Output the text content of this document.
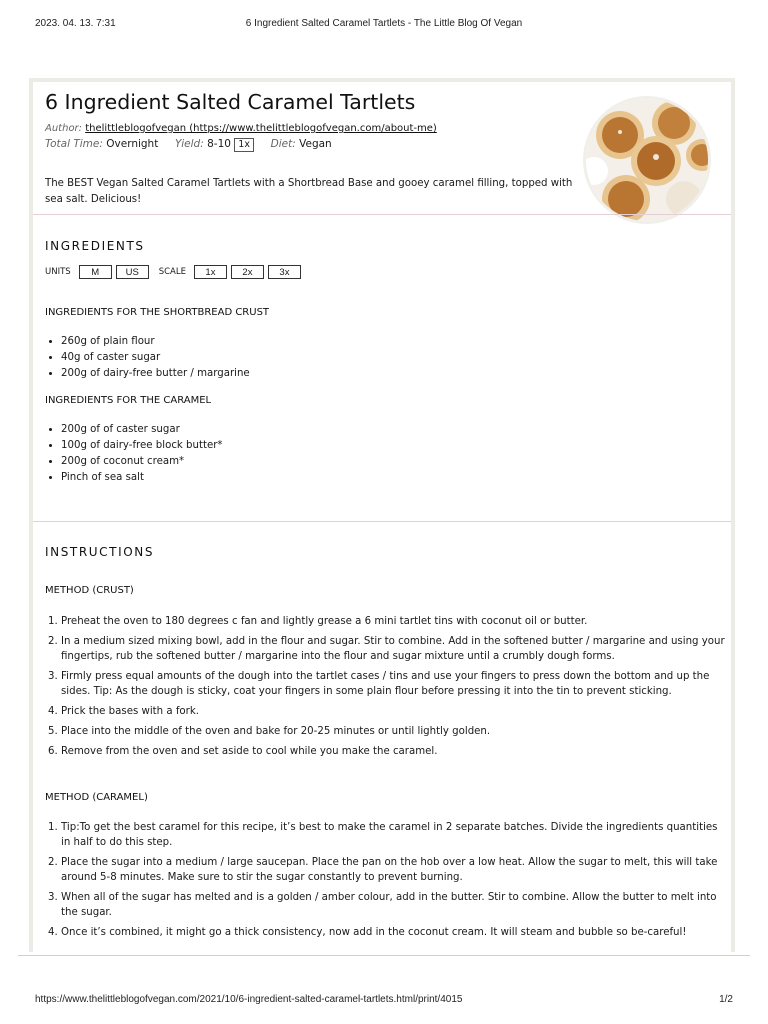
2023. 04. 13. 7:31	6 Ingredient Salted Caramel Tartlets - The Little Blog Of Vegan
6 Ingredient Salted Caramel Tartlets
Author: thelittleblogofvegan (https://www.thelittleblogofvegan.com/about-me)
Total Time: Overnight Yield: 8-10 1x Diet: Vegan

The BEST Vegan Salted Caramel Tartlets with a Shortbread Base and gooey caramel filling, topped with sea salt. Delicious!

INGREDIENTS
UNITS	M	US	SCALE	1x	2x	3x
INGREDIENTS FOR THE SHORTBREAD CRUST
• 260g of plain flour
• 40g of caster sugar
• 200g of dairy-free butter / margarine
INGREDIENTS FOR THE CARAMEL
• 200g of of caster sugar
• 100g of dairy-free block butter*
• 200g of coconut cream*
• Pinch of sea salt
INSTRUCTIONS
METHOD (CRUST)
1. Preheat the oven to 180 degrees c fan and lightly grease a 6 mini tartlet tins with coconut oil or butter.
2. In a medium sized mixing bowl, add in the flour and sugar. Stir to combine. Add in the softened butter / margarine and using your fingertips, rub the softened butter / margarine into the flour and sugar mixture until a crumbly dough forms.
3. Firmly press equal amounts of the dough into the tartlet cases / tins and use your fingers to press down the bottom and up the sides. Tip: As the dough is sticky, coat your fingers in some plain flour before pressing it into the tin to prevent sticking.
4. Prick the bases with a fork.
5. Place into the middle of the oven and bake for 20-25 minutes or until lightly golden.
6. Remove from the oven and set aside to cool while you make the caramel.
METHOD (CARAMEL)
1. Tip:To get the best caramel for this recipe, it’s best to make the caramel in 2 separate batches. Divide the ingredients quantities in half to do this step.
2. Place the sugar into a medium / large saucepan. Place the pan on the hob over a low heat. Allow the sugar to melt, this will take around 5-8 minutes. Make sure to stir the sugar constantly to prevent burning.
3. When all of the sugar has melted and is a golden / amber colour, add in the butter. Stir to combine. Allow the butter to melt into the sugar.
4. Once it’s combined, it might go a thick consistency, now add in the coconut cream. It will steam and bubble so be-careful!
https://www.thelittleblogofvegan.com/2021/10/6-ingredient-salted-caramel-tartlets.html/print/4015	1/2
